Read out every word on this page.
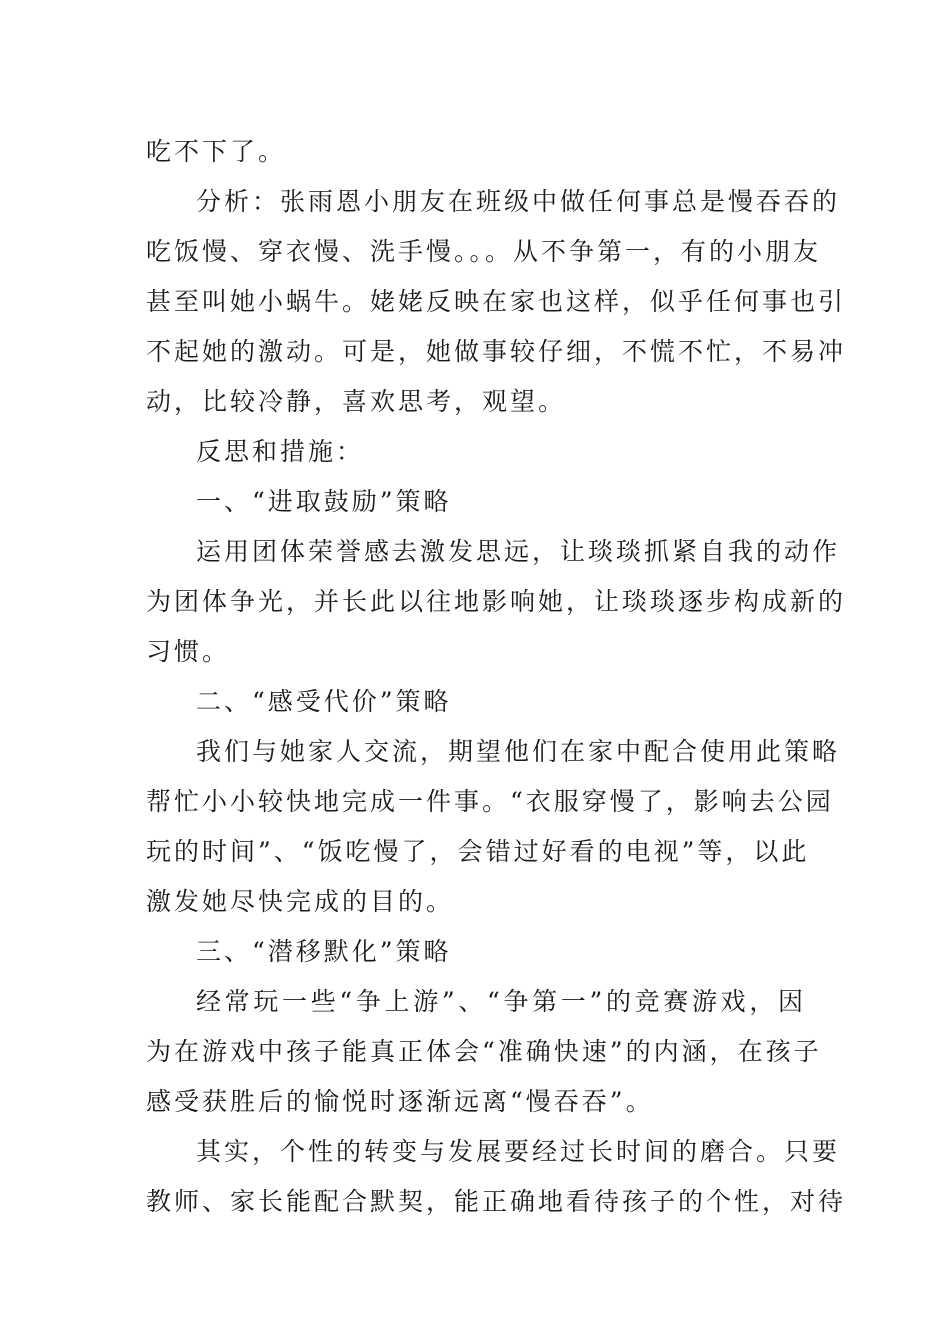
吃不下了。
分析：张雨恩小朋友在班级中做任何事总是慢吞吞的
吃饭慢、穿衣慢、洗手慢。。。从不争第一，有的小朋友
甚至叫她小蜗牛。姥姥反映在家也这样，似乎任何事也引
不起她的激动。可是，她做事较仔细，不慌不忙，不易冲
动，比较冷静，喜欢思考，观望。
反思和措施：
一、“进取鼓励”策略
运用团体荣誉感去激发思远，让琰琰抓紧自我的动作
为团体争光，并长此以往地影响她，让琰琰逐步构成新的
习惯。
二、“感受代价”策略
我们与她家人交流，期望他们在家中配合使用此策略
帮忙小小较快地完成一件事。“衣服穿慢了，影响去公园
玩的时间”、“饭吃慢了，会错过好看的电视”等，以此
激发她尽快完成的目的。
三、“潜移默化”策略
经常玩一些“争上游”、“争第一”的竞赛游戏，因
为在游戏中孩子能真正体会“准确快速”的内涵，在孩子
感受获胜后的愉悦时逐渐远离“慢吞吞”。
其实，个性的转变与发展要经过长时间的磨合。只要
教师、家长能配合默契，能正确地看待孩子的个性，对待
